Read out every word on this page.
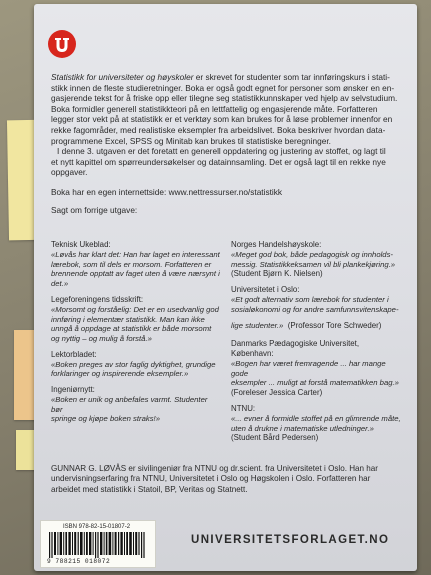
Statistikk for universiteter og høyskoler er skrevet for studenter som tar innføringskurs i stati-

stikk innen de fleste studieretninger. Boka er også godt egnet for personer som ønsker en en-

gasjerende tekst for å friske opp eller tilegne seg statistikkunnskaper ved hjelp av selvstudium.

Boka formidler generell statistikkteori på en lettfattelig og engasjerende måte. Forfatteren

legger stor vekt på at statistikk er et verktøy som kan brukes for å løse problemer innenfor en

rekke fagområder, med realistiske eksempler fra arbeidslivet. Boka beskriver hvordan data-

programmene Excel, SPSS og Minitab kan brukes til statistiske beregninger.

I denne 3. utgaven er det foretatt en generell oppdatering og justering av stoffet, og lagt til

et nytt kapittel om spørreundersøkelser og datainnsamling. Det er også lagt til en rekke nye

oppgaver.

Boka har en egen internettside: www.nettressurser.no/statistikk

Sagt om forrige utgave:

Teknisk Ukeblad:
«Løvås har klart det: Han har laget en interessant
lærebok, som til dels er morsom. Forfatteren er
brennende opptatt av faget uten å være nærsynt i
det.»
Legeforeningens tidsskrift:
«Morsomt og forståelig: Det er en usedvanlig god
innføring i elementær statistikk. Man kan ikke
unngå å oppdage at statistikk er både morsomt
og nyttig – og mulig å forstå.»
Lektorbladet:
«Boken preges av stor faglig dyktighet, grundige
forklaringer og inspirerende eksempler.»
Ingeniørnytt:
«Boken er unik og anbefales varmt. Studenter bør
springe og kjøpe boken straks!»
Norges Handelshøyskole:
«Meget god bok, både pedagogisk og innholds-
messig. Statistikkeksamen vil bli plankekjøring.»
(Student Bjørn K. Nielsen)
Universitetet i Oslo:
«Et godt alternativ som lærebok for studenter i
sosialøkonomi og for andre samfunnsvitenskape-
lige studenter.» (Professor Tore Schweder)
Danmarks Pædagogiske Universitet, København:
«Bogen har været fremragende ... har mange gode
eksempler ... muligt at forstå matematikken bag.»
(Foreleser Jessica Carter)
NTNU:
«... evner å formidle stoffet på en glimrende måte,
uten å drukne i matematiske utledninger.»
(Student Bård Pedersen)
GUNNAR G. LØVÅS er sivilingeniør fra NTNU og dr.scient. fra Universitetet i Oslo. Han har
undervisningserfaring fra NTNU, Universitetet i Oslo og Høgskolen i Oslo. Forfatteren har
arbeidet med statistikk i Statoil, BP, Veritas og Statnett.
ISBN 978-82-15-01807-2
9 788215 018072
UNIVERSITETSFORLAGET.NO
